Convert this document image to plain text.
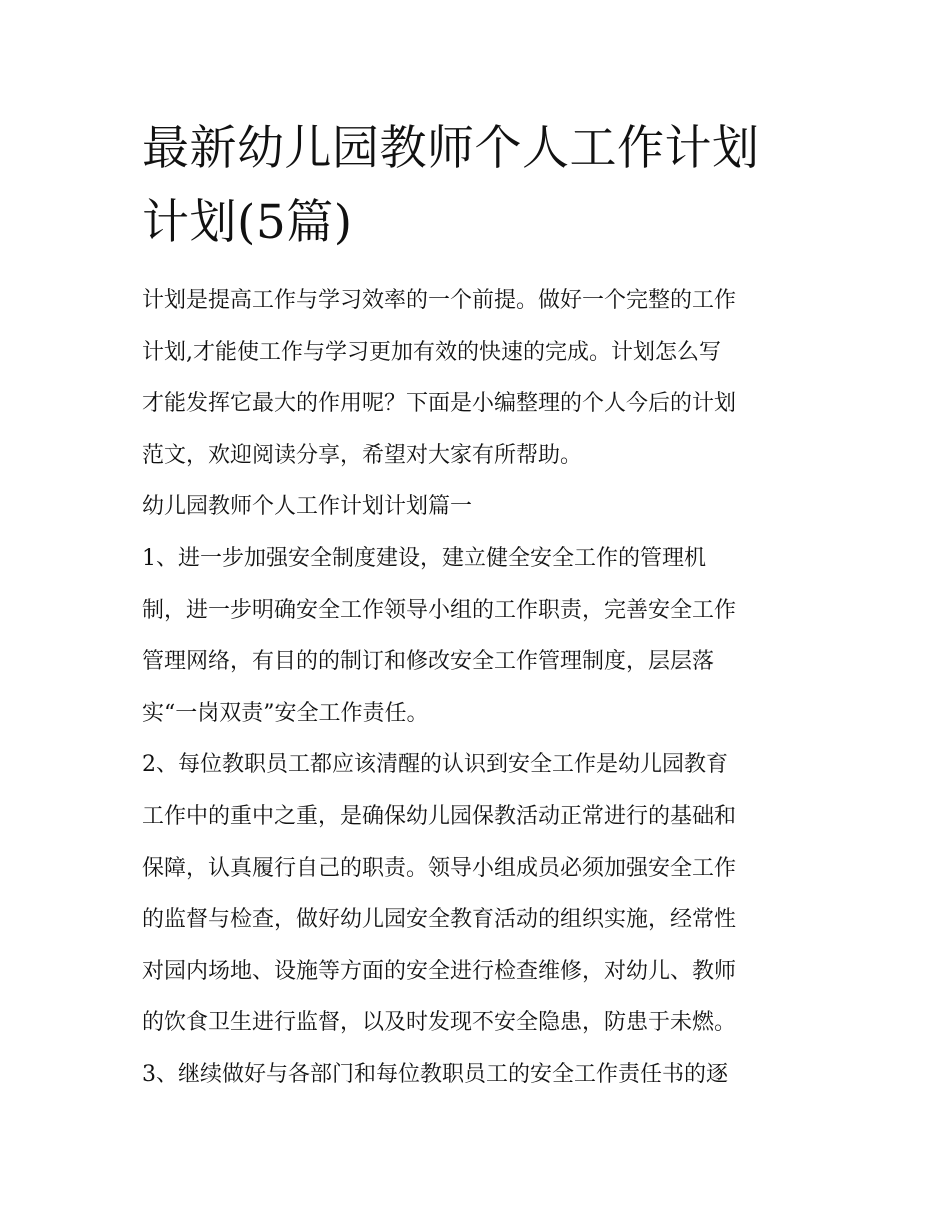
最新幼儿园教师个人工作计划
计划(5篇)
计划是提高工作与学习效率的一个前提。做好一个完整的工作
计划,才能使工作与学习更加有效的快速的完成。计划怎么写
才能发挥它最大的作用呢？下面是小编整理的个人今后的计划
范文，欢迎阅读分享，希望对大家有所帮助。
幼儿园教师个人工作计划计划篇一
1、进一步加强安全制度建设，建立健全安全工作的管理机
制，进一步明确安全工作领导小组的工作职责，完善安全工作
管理网络，有目的的制订和修改安全工作管理制度，层层落
实“一岗双责”安全工作责任。
2、每位教职员工都应该清醒的认识到安全工作是幼儿园教育
工作中的重中之重，是确保幼儿园保教活动正常进行的基础和
保障，认真履行自己的职责。领导小组成员必须加强安全工作
的监督与检查，做好幼儿园安全教育活动的组织实施，经常性
对园内场地、设施等方面的安全进行检查维修，对幼儿、教师
的饮食卫生进行监督，以及时发现不安全隐患，防患于未燃。
3、继续做好与各部门和每位教职员工的安全工作责任书的逐
